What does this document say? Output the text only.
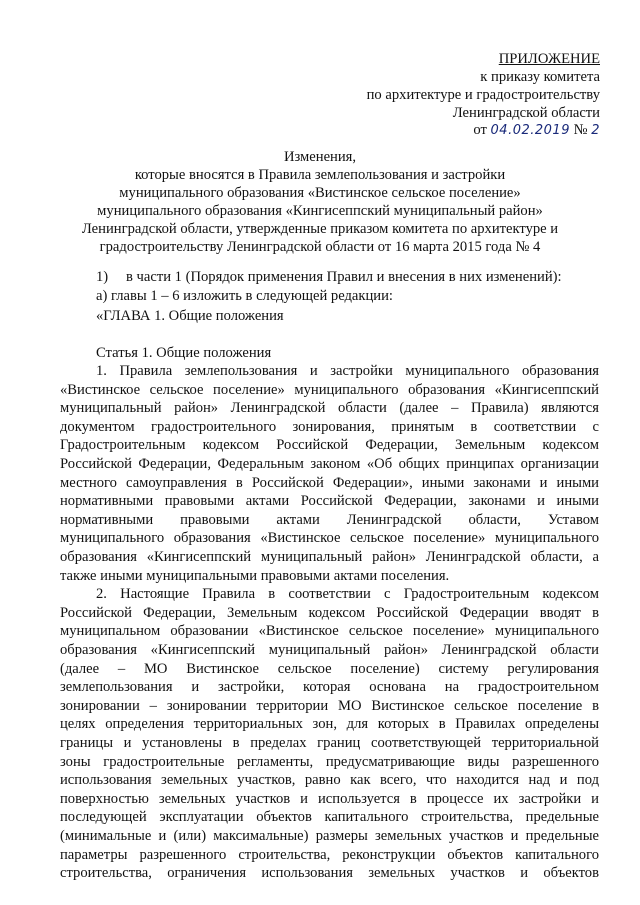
ПРИЛОЖЕНИЕ
к приказу комитета
по архитектуре и градостроительству
Ленинградской области
от 04.02.2019 № 2
Изменения,
которые вносятся в Правила землепользования и застройки
муниципального образования «Вистинское сельское поселение»
муниципального образования «Кингисеппский муниципальный район»
Ленинградской области, утвержденные приказом комитета по архитектуре и
градостроительству Ленинградской области от 16 марта 2015 года № 4
1) в части 1 (Порядок применения Правил и внесения в них изменений):
а) главы 1 – 6 изложить в следующей редакции:
«ГЛАВА 1. Общие положения
Статья 1. Общие положения
1. Правила землепользования и застройки муниципального образования
«Вистинское сельское поселение» муниципального образования «Кингисеппский
муниципальный район» Ленинградской области (далее – Правила) являются
документом градостроительного зонирования, принятым в соответствии с
Градостроительным кодексом Российской Федерации, Земельным кодексом
Российской Федерации, Федеральным законом «Об общих принципах организации
местного самоуправления в Российской Федерации», иными законами и иными
нормативными правовыми актами Российской Федерации, законами и иными
нормативными правовыми актами Ленинградской области, Уставом
муниципального образования «Вистинское сельское поселение» муниципального
образования «Кингисеппский муниципальный район» Ленинградской области, а
также иными муниципальными правовыми актами поселения.
2. Настоящие Правила в соответствии с Градостроительным кодексом
Российской Федерации, Земельным кодексом Российской Федерации вводят в
муниципальном образовании «Вистинское сельское поселение» муниципального
образования «Кингисеппский муниципальный район» Ленинградской области
(далее – МО Вистинское сельское поселение) систему регулирования
землепользования и застройки, которая основана на градостроительном
зонировании – зонировании территории МО Вистинское сельское поселение в
целях определения территориальных зон, для которых в Правилах определены
границы и установлены в пределах границ соответствующей территориальной
зоны градостроительные регламенты, предусматривающие виды разрешенного
использования земельных участков, равно как всего, что находится над и под
поверхностью земельных участков и используется в процессе их застройки и
последующей эксплуатации объектов капитального строительства, предельные
(минимальные и (или) максимальные) размеры земельных участков и предельные
параметры разрешенного строительства, реконструкции объектов капитального
строительства, ограничения использования земельных участков и объектов
